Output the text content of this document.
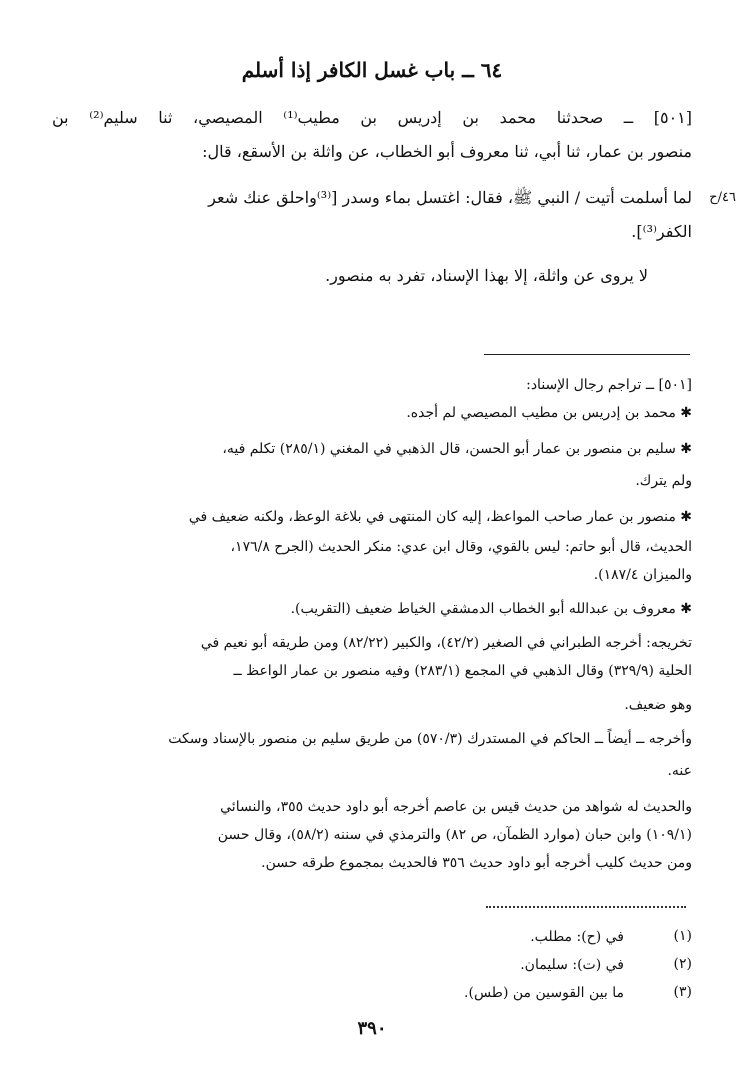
٦٤ ــ باب غسل الكافر إذا أسلم
[٥٠١] ــ صحدثنا محمد بن إدريس بن مطيب⁽¹⁾ المصيصي، ثنا سليم⁽²⁾ بن
منصور بن عمار، ثنا أبي، ثنا معروف أبو الخطاب، عن واثلة بن الأسقع، قال:
لما أسلمت أتيت / النبي ﷺ، فقال: اغتسل بماء وسدر [⁽³⁾واحلق عنك شعر ٤٦/ح
الكفر⁽³⁾].
لا يروى عن واثلة، إلا بهذا الإسناد، تفرد به منصور.
[٥٠١] ــ تراجم رجال الإسناد:
✱ محمد بن إدريس بن مطيب المصيصي لم أجده.
✱ سليم بن منصور بن عمار أبو الحسن، قال الذهبي في المغني (٢٨٥/١) تكلم فيه،
ولم يترك.
✱ منصور بن عمار صاحب المواعظ، إليه كان المنتهى في بلاغة الوعظ، ولكنه ضعيف في
الحديث، قال أبو حاتم: ليس بالقوي، وقال ابن عدي: منكر الحديث (الجرح ١٧٦/٨،
والميزان ١٨٧/٤).
✱ معروف بن عبدالله أبو الخطاب الدمشقي الخياط ضعيف (التقريب).
تخريجه: أخرجه الطبراني في الصغير (٤٢/٢)، والكبير (٨٢/٢٢) ومن طريقه أبو نعيم في
الحلية (٣٢٩/٩) وقال الذهبي في المجمع (٢٨٣/١) وفيه منصور بن عمار الواعظ ــ
وهو ضعيف.
وأخرجه ــ أيضاً ــ الحاكم في المستدرك (٥٧٠/٣) من طريق سليم بن منصور بالإسناد وسكت
عنه.
والحديث له شواهد من حديث قيس بن عاصم أخرجه أبو داود حديث ٣٥٥، والنسائي
(١٠٩/١) وابن حبان (موارد الظمآن، ص ٨٢) والترمذي في سننه (٥٨/٢)، وقال حسن
ومن حديث كليب أخرجه أبو داود حديث ٣٥٦ فالحديث بمجموع طرقه حسن.
(١)
في (ح): مطلب.
(٢)
في (ت): سليمان.
(٣)
ما بين القوسين من (طس).
٣٩٠
